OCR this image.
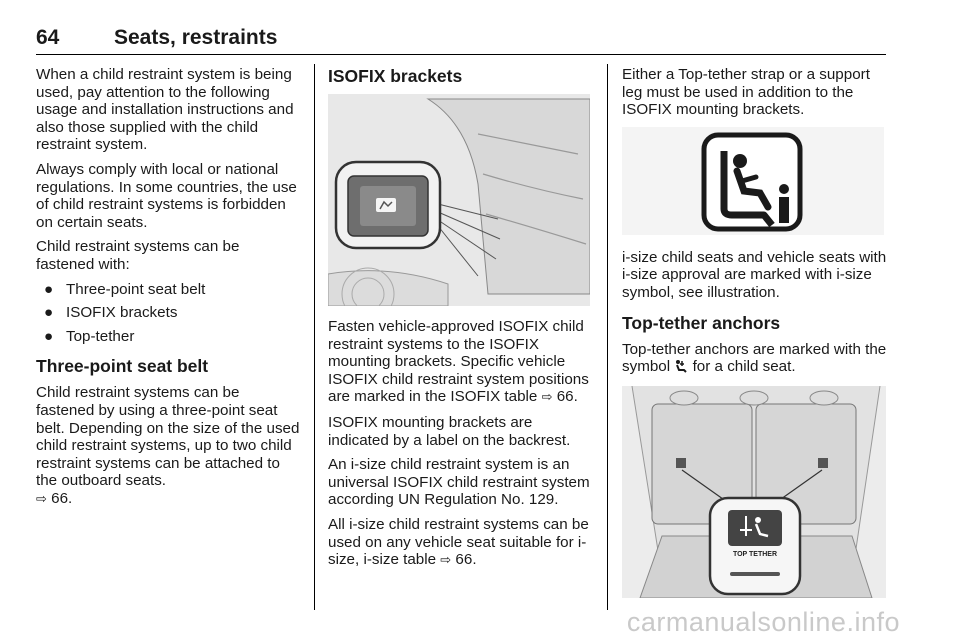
64	Seats, restraints

When a child restraint system is being used, pay attention to the following usage and installation instructions and also those supplied with the child restraint system.

Always comply with local or national regulations. In some countries, the use of child restraint systems is forbidden on certain seats.

Child restraint systems can be fastened with:

● Three-point seat belt
● ISOFIX brackets
● Top-tether
Three-point seat belt

Child restraint systems can be fastened by using a three-point seat belt. Depending on the size of the used child restraint systems, up to two child restraint systems can be attached to the outboard seats.
⇨ 66.

ISOFIX brackets

Fasten vehicle-approved ISOFIX child restraint systems to the ISOFIX mounting brackets. Specific vehicle ISOFIX child restraint system positions are marked in the ISOFIX table ⇨ 66.

ISOFIX mounting brackets are indicated by a label on the backrest.

An i-size child restraint system is an universal ISOFIX child restraint system according UN Regulation No. 129.

All i-size child restraint systems can be used on any vehicle seat suitable for i-size, i-size table ⇨ 66.

Either a Top-tether strap or a support leg must be used in addition to the ISOFIX mounting brackets.

i-size child seats and vehicle seats with i-size approval are marked with i-size symbol, see illustration.

Top-tether anchors

Top-tether anchors are marked with the symbol for a child seat.

TOP TETHER
carmanualsonline.info
